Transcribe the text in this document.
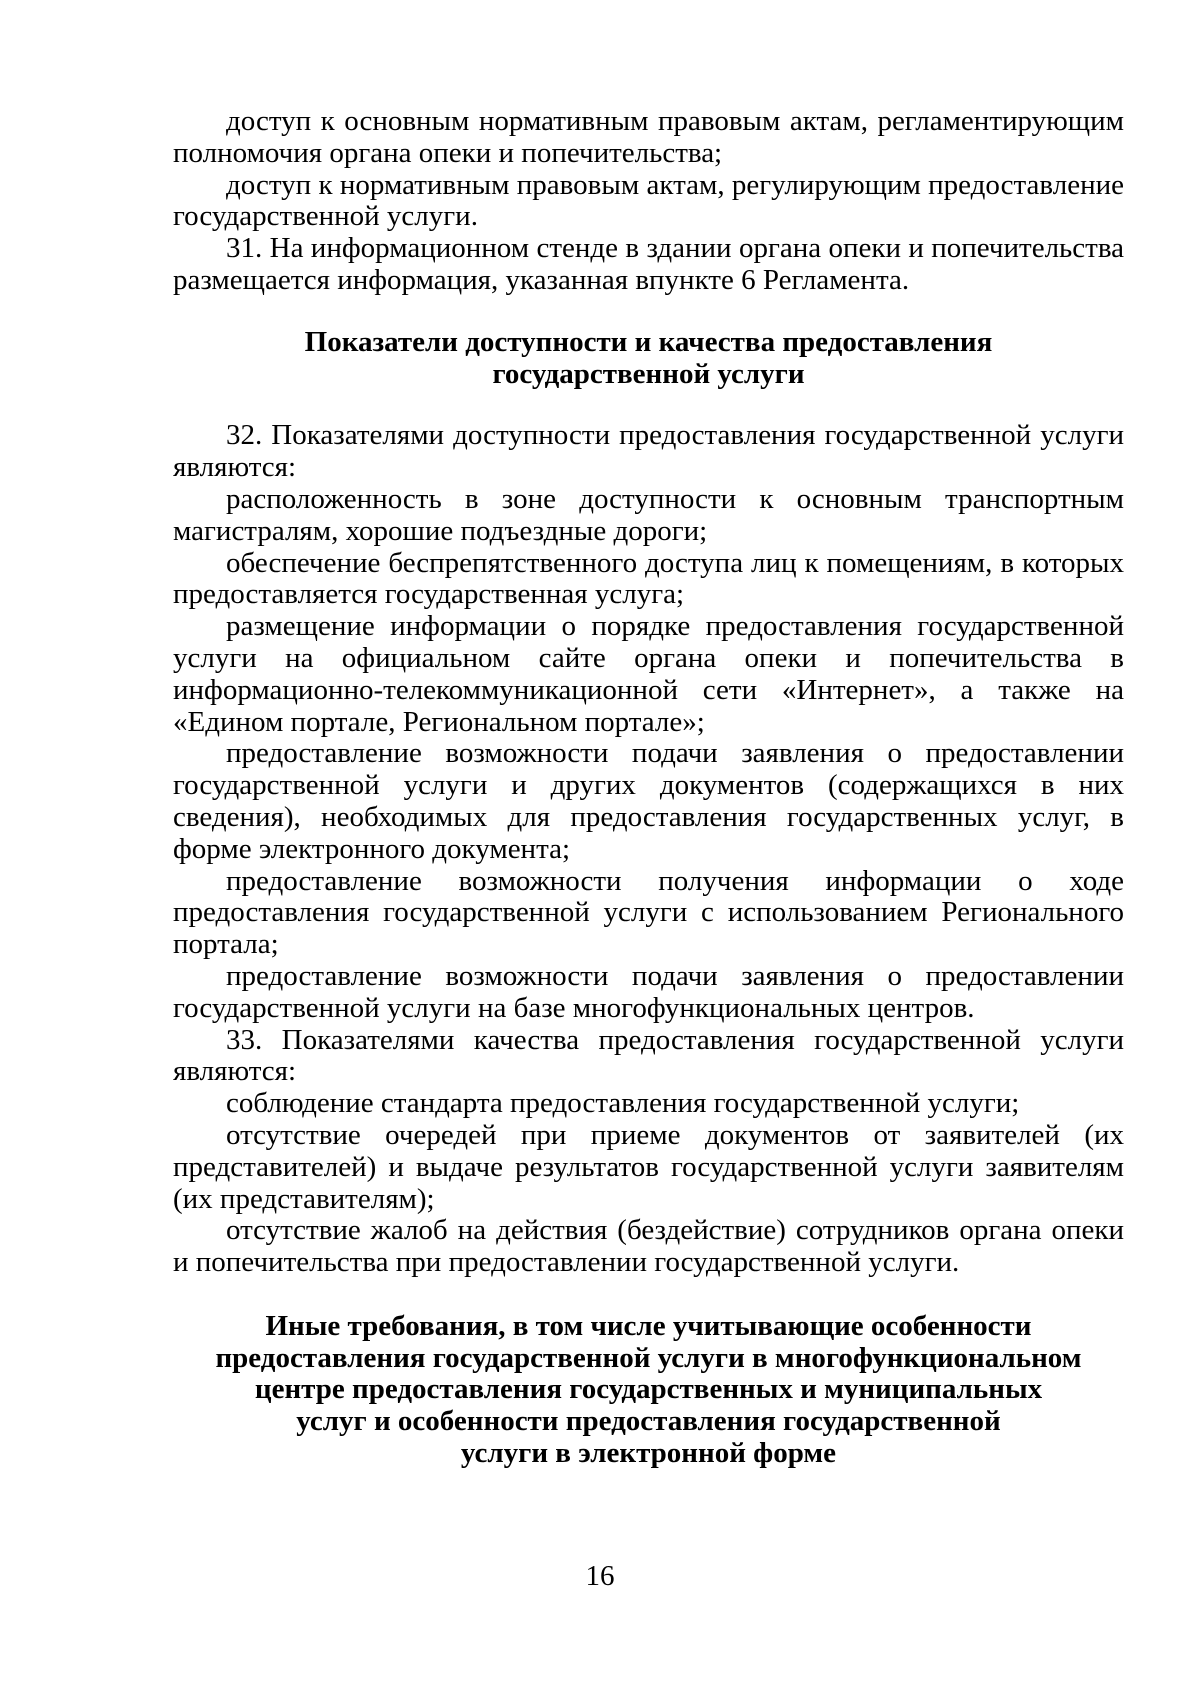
доступ к основным нормативным правовым актам, регламентирующим полномочия органа опеки и попечительства;

доступ к нормативным правовым актам, регулирующим предоставление государственной услуги.

31. На информационном стенде в здании органа опеки и попечительства размещается информация, указанная впункте 6 Регламента.

Показатели доступности и качества предоставления
государственной услуги

32. Показателями доступности предоставления государственной услуги являются:

расположенность в зоне доступности к основным транспортным магистралям, хорошие подъездные дороги;

обеспечение беспрепятственного доступа лиц к помещениям, в которых предоставляется государственная услуга;

размещение информации о порядке предоставления государственной услуги на официальном сайте органа опеки и попечительства в информационно-телекоммуникационной сети «Интернет», а также на «Едином портале, Региональном портале»;

предоставление возможности подачи заявления о предоставлении государственной услуги и других документов (содержащихся в них сведения), необходимых для предоставления государственных услуг, в форме электронного документа;

предоставление возможности получения информации о ходе предоставления государственной услуги с использованием Регионального портала;

предоставление возможности подачи заявления о предоставлении государственной услуги на базе многофункциональных центров.

33. Показателями качества предоставления государственной услуги являются:

соблюдение стандарта предоставления государственной услуги;

отсутствие очередей при приеме документов от заявителей (их представителей) и выдаче результатов государственной услуги заявителям (их представителям);

отсутствие жалоб на действия (бездействие) сотрудников органа опеки и попечительства при предоставлении государственной услуги.

Иные требования, в том числе учитывающие особенности
предоставления государственной услуги в многофункциональном
центре предоставления государственных и муниципальных
услуг и особенности предоставления государственной
услуги в электронной форме
16
